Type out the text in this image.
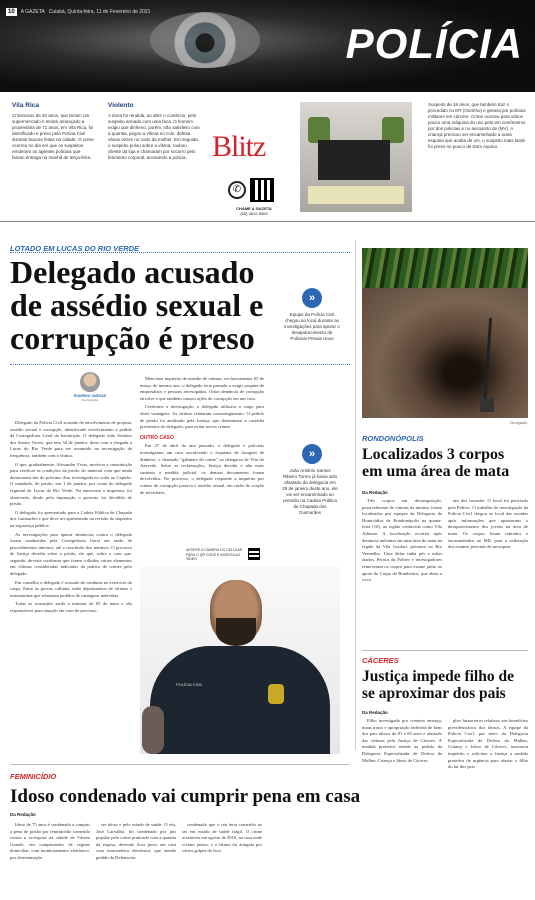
10	A GAZETA Cuiabá, Quinta-feira, 11 de Fevereiro de 2021
POLÍCIA
Vila Rica

Criminosos de 40 anos, que teriam um supermercado e teriam ameaçado a proprietária de 71 anos, em Vila Rica, foi identificado e preso pela Polícia Civil durante buscas feitas na cidade. O crime ocorreu no dia em que os suspeitos renderam os agentes policiais que fariam entrega na manhã de terça-feira.

Violento

A dona foi rendida, ao abrir o comércio, pelo suspeito armado com uma faca. O homem exigiu que dinheiro, porém, não satisfeito com a quantia, pegou a vítima no colo, defesa várias vezes no rosto da mulher. Em seguida, o suspeito pulou sobre a vítima, roubou cliente da loja e chamaram por socorro pelo ferimento corporal, acionando a polícia. Blitz
✆
CHAME A GAZETA
(65) 3612-5000

Suspeito de 18 anos, que também traz o procedido no MT (Ourinho) e gerava por policiais militares em cárcere. Crime ocorreu para vários pouco uma máquina do uso pelo em centímetros por dos policiais e no aeroporto de (MV). A criança precisou ser encaminhado a outra esquina que acaba de um, o suspeito mais tarde foi preso no pouco de Dom Aquino.

LOTADO EM LUCAS DO RIO VERDE
Delegado acusado
de assédio sexual e
corrupção é preso
»
Equipe da Polícia Civil chegou ao local durante as investigações para apurar o desaparecimento de Policiais Penais Unos
RODRIGO VARGAS
Da Redação

Delegado da Polícia Civil acusado de envolvimento de propina, assédio sexual e corrupção, identificado envolvimento a pedido da Corregedoria Geral da Instituição. O delegado João Antônio dos Santos Torres, que tem 34 de janeiro, dono com a chegada a Lucas do Rio Verde para ser assumido na investigação de frequência, também com a vítima.

O que, gradualmente, Alexandre Vivas, motivou a constituição para verificar as condições da prisão do material com que ainda demoraram das do próximo dias investigada na volta ao Capitão. O mandado, de prisão, em 1 de janeiro, por conta do delegado regional de Lucas do Rio Verde. Na entrevista a imprensa, foi observado, desde pela imputação o governo foi decidido de prisão.

O delegado foi apresentado para a Cadeia Pública de Chapada dos Guimarães e que deve ser apresentado na revisão do inquérito na segurança pública.

As investigações para apurar denúncias contra o delegado foram conduzidas pela Corregedoria Geral em razão de procedimentos internos, até a conclusão dos mesmos. O processo de Justiça decidiu sobre a prisão, ele que, sobre o caso que, segundo, deveria confirmar que foram colhidos vários elementos em vítimas consideradas indicados da prática de crimes pelo delegado.

Em conselho o delegado é acusado de condutas no exercício do cargo. Entre as provas colhidas estão depoimentos de vítimas e testemunhas que relataram pedidos de vantagens indevidas.

Todas as acusações serão a tramitar de 05 de maio e são responsáveis para atuação em caso de processo.

Menciona inquérito de assédio de vítimas, exclusivamente 05 de março do mesmo ano, o delegado teria passado a exigir propina de empresários e pessoas investigadas. Outra denúncia de corrupção envolve o que também causou ações de corrupção em um caso.

Conforme a investigação, o delegado utilizava o cargo para obter vantagens. As vítimas relataram constrangimento. O pedido de prisão foi analisado pela Justiça, que determinou a custódia preventiva do delegado, para evitar novos crimes.

OUTRO CASO

Em 27 de abril do ano passado, o delegado e policiais investigaram um caso envolvendo o esquema de lavagem de dinheiro, o chamado "gabinete do crime" na delegacia de Vila do Azevedo. Sobre as reclamações, Justiça decidiu e não mais sustenta a medida judicial, os demais documentos foram devolvidos. No processo, o delegado responde a inquérito por crimes de corrupção passiva e assédio sexual, em razão de coação de servidores.

APONTE A CÂMERA DO CELULAR PARA O QR CODE E ASSISTA AO VÍDEO
»
João Antônio Santos Ribeiro Torres já havia sido afastado da delegacia em 29 de janeiro deste ano, ele vai ser encaminhado ao presídio na Cadeia Pública de Chapada dos Guimarães
POLÍCIA CIVIL
Divulgação
RONDONÓPOLIS
Localizados 3 corpos
em uma área de mata
Da Redação

Três corpos em decomposição, possivelmente de vítimas da mesma, foram localizados por equipes da Delegacia de Homicídios de Rondonópolis na quarta-feira (10), na região conhecida como Vila Adriana. A localização ocorreu após denúncia anônima em uma área de mata na região da Vila Goulart, próximo ao Rio Vermelho. Uma delas tinha pés e mãos atados. Peritos da Politec e investigadores removeram os corpos para exame junto ao apoio do Corpo de Bombeiros, que abriu a cova.

um dos lavrador. O local foi periciado pela Politec. O trabalho de investigação da Polícia Civil chegou ao local das ossadas após informações que apontavam o desaparecimento dos jovens na área de mata. Os corpos foram retirados e encaminhados ao IML para a realização dos exames periciais de necropsia.

CÁCERES
Justiça impede filho de
se aproximar dos pais
Da Redação

Filho investigado por cometer ameaça, maus tratos e apropriação indevida de bens dos pais idosos de 81 e 83 anos e afastado das vítimas pela Justiça de Cáceres. A medida protetiva atende ao pedido da Delegacia Especializada de Defesa da Mulher, Criança e Idoso de Cáceres.

pleo financeiros relativos aos benefícios previdenciários dos idosos. A equipe da Polícia Civil, por meio da Delegacia Especializada de Defesa da Mulher, Criança e Idoso de Cáceres, instaurou inquérito e solicitou a Justiça a medida protetiva de urgência para afastar o filho do lar dos pais.

FEMINICÍDIO
Idoso condenado vai cumprir pena em casa
Da Redação

Idoso de 75 anos é condenado a cumprir a pena de prisão por feminicídio cometido contra a ex-esposa na cidade de Várzea Grande, em cumprimento de regime domiciliar, com monitoramento eletrônico, por determinação.

ser idoso e pelo estado de saúde. O réu, José Carvalho, foi condenado por júri popular pelo crime praticado com a quantia da esposa, devendo ficar preso em casa com tornozeleira eletrônica, que atende pedido da Defensoria.

condenado que o réu teria cometido ao ser em estado de saúde frágil. O crime aconteceu em agosto de 2018, na casa onde viviam juntos, e a vítima foi atingida por vários golpes de faca.
